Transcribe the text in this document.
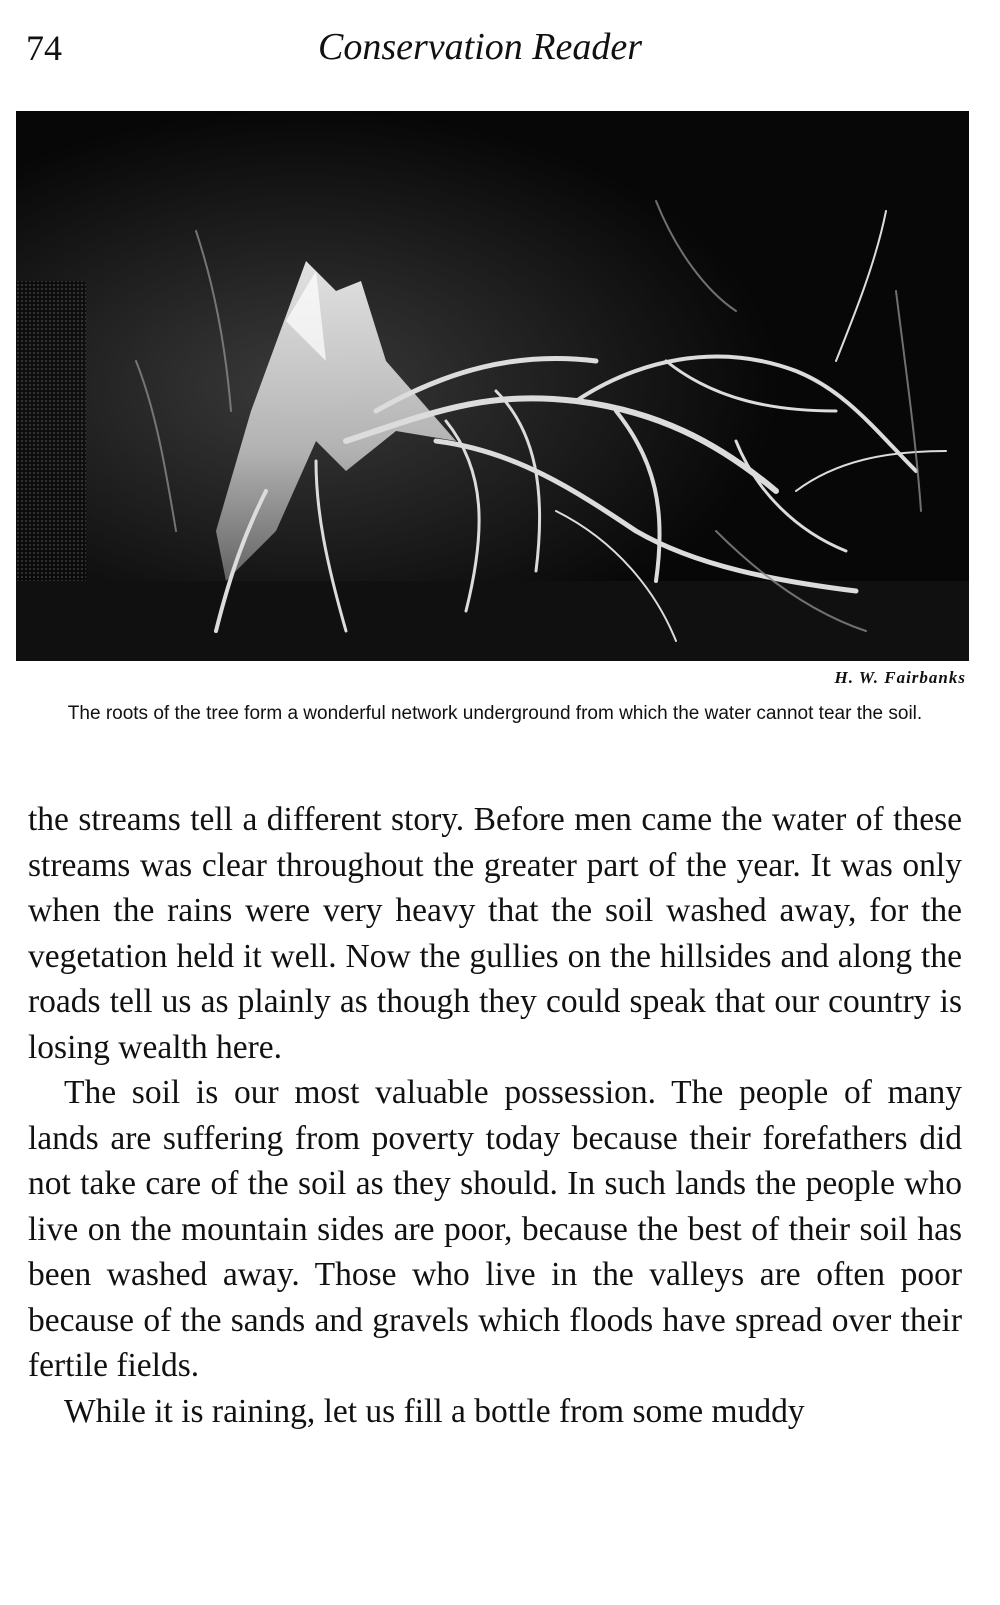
74	Conservation Reader
H. W. Fairbanks
The roots of the tree form a wonderful network underground from which the water cannot tear the soil.

the streams tell a different story. Before men came the water of these streams was clear throughout the greater part of the year. It was only when the rains were very heavy that the soil washed away, for the vegetation held it well. Now the gullies on the hillsides and along the roads tell us as plainly as though they could speak that our country is losing wealth here.

The soil is our most valuable possession. The people of many lands are suffering from poverty today because their forefathers did not take care of the soil as they should. In such lands the people who live on the mountain sides are poor, because the best of their soil has been washed away. Those who live in the valleys are often poor because of the sands and gravels which floods have spread over their fertile fields.

While it is raining, let us fill a bottle from some muddy
